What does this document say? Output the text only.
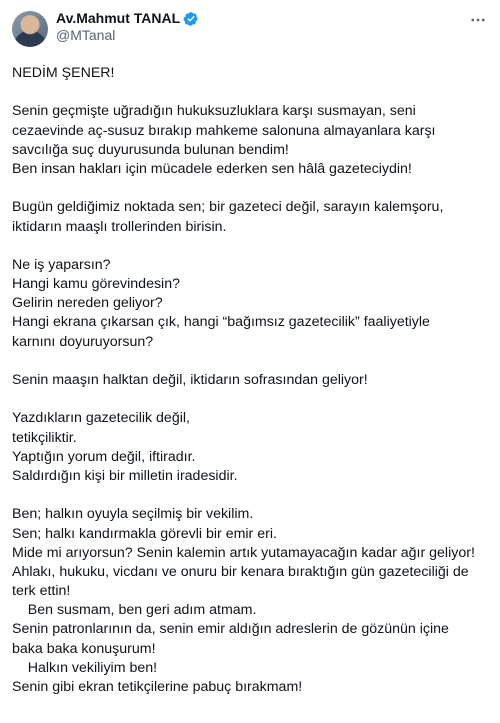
Av.Mahmut TANAL
@MTanal
NEDİM ŞENER!
Senin geçmişte uğradığın hukuksuzluklara karşı susmayan, seni
cezaevinde aç-susuz bırakıp mahkeme salonuna almayanlara karşı
savcılığa suç duyurusunda bulunan bendim!
Ben insan hakları için mücadele ederken sen hâlâ gazeteciydin!
Bugün geldiğimiz noktada sen; bir gazeteci değil, sarayın kalemşoru,
iktidarın maaşlı trollerinden birisin.
Ne iş yaparsın?
Hangi kamu görevindesin?
Gelirin nereden geliyor?
Hangi ekrana çıkarsan çık, hangi “bağımsız gazetecilik” faaliyetiyle
karnını doyuruyorsun?
Senin maaşın halktan değil, iktidarın sofrasından geliyor!
Yazdıkların gazetecilik değil,
tetikçiliktir.
Yaptığın yorum değil, iftiradır.
Saldırdığın kişi bir milletin iradesidir.
Ben; halkın oyuyla seçilmiş bir vekilim.
Sen; halkı kandırmakla görevli bir emir eri.
Mide mi arıyorsun? Senin kalemin artık yutamayacağın kadar ağır geliyor!
Ahlakı, hukuku, vicdanı ve onuru bir kenara bıraktığın gün gazeteciliği de
terk ettin!
Ben susmam, ben geri adım atmam.
Senin patronlarının da, senin emir aldığın adreslerin de gözünün içine
baka baka konuşurum!
Halkın vekiliyim ben!
Senin gibi ekran tetikçilerine pabuç bırakmam!
